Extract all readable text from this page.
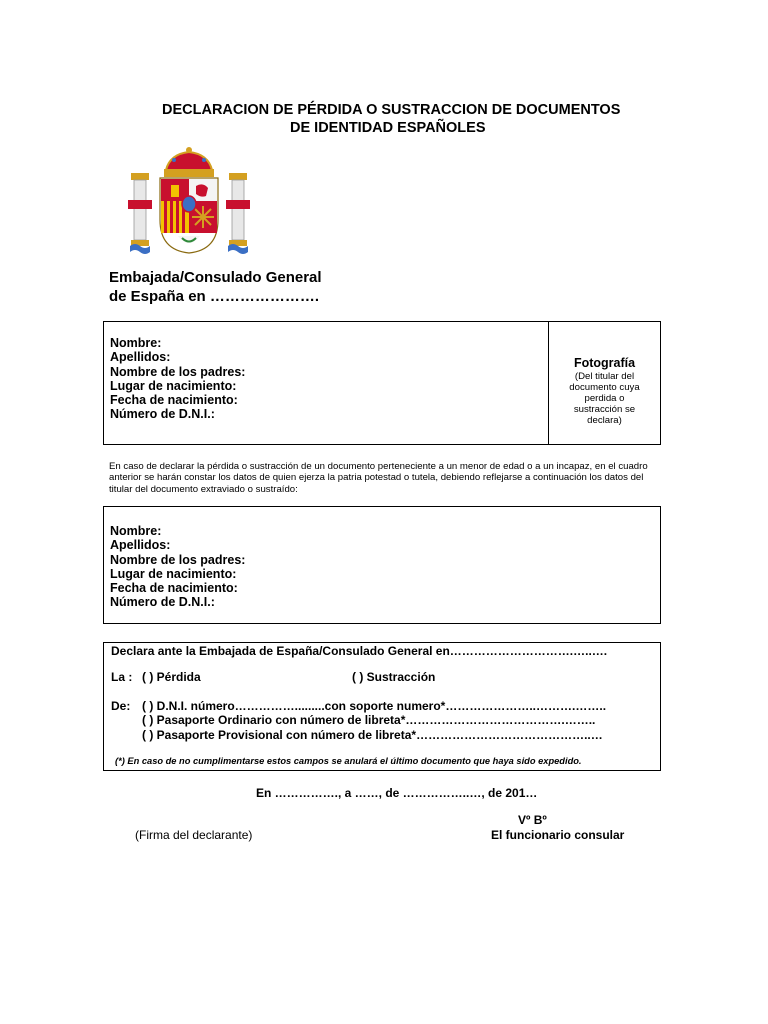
DECLARACION DE PÉRDIDA O SUSTRACCION DE DOCUMENTOS
DE IDENTIDAD ESPAÑOLES
Embajada/Consulado General
de España en ………………….
Nombre:
Apellidos:
Nombre de los padres:
Lugar de nacimiento:
Fecha de nacimiento:
Número de D.N.I.:
Fotografía
(Del titular del documento cuya perdida o sustracción se declara)
En caso de declarar la pérdida o sustracción de un documento perteneciente a un menor de edad o a un incapaz, en el cuadro anterior se harán constar los datos de quien ejerza la patria potestad o tutela, debiendo reflejarse a continuación los datos del titular del documento extraviado o sustraído:
Nombre:
Apellidos:
Nombre de los padres:
Lugar de nacimiento:
Fecha de nacimiento:
Número de D.N.I.:
Declara ante la Embajada de España/Consulado General en………………………….…..….
La : ( ) Pérdida	( ) Sustracción
De: ( ) D.N.I. número…………….........con soporte numero*…………………..……….……..
( ) Pasaporte Ordinario con número de libreta*………………………………….……..
( ) Pasaporte Provisional con número de libreta*……………………………………..…
(*) En caso de no cumplimentarse estos campos se anulará el último documento que haya sido expedido.
En ……………., a ……, de ……………..…, de 201…
Vº Bº
El funcionario consular
(Firma del declarante)
